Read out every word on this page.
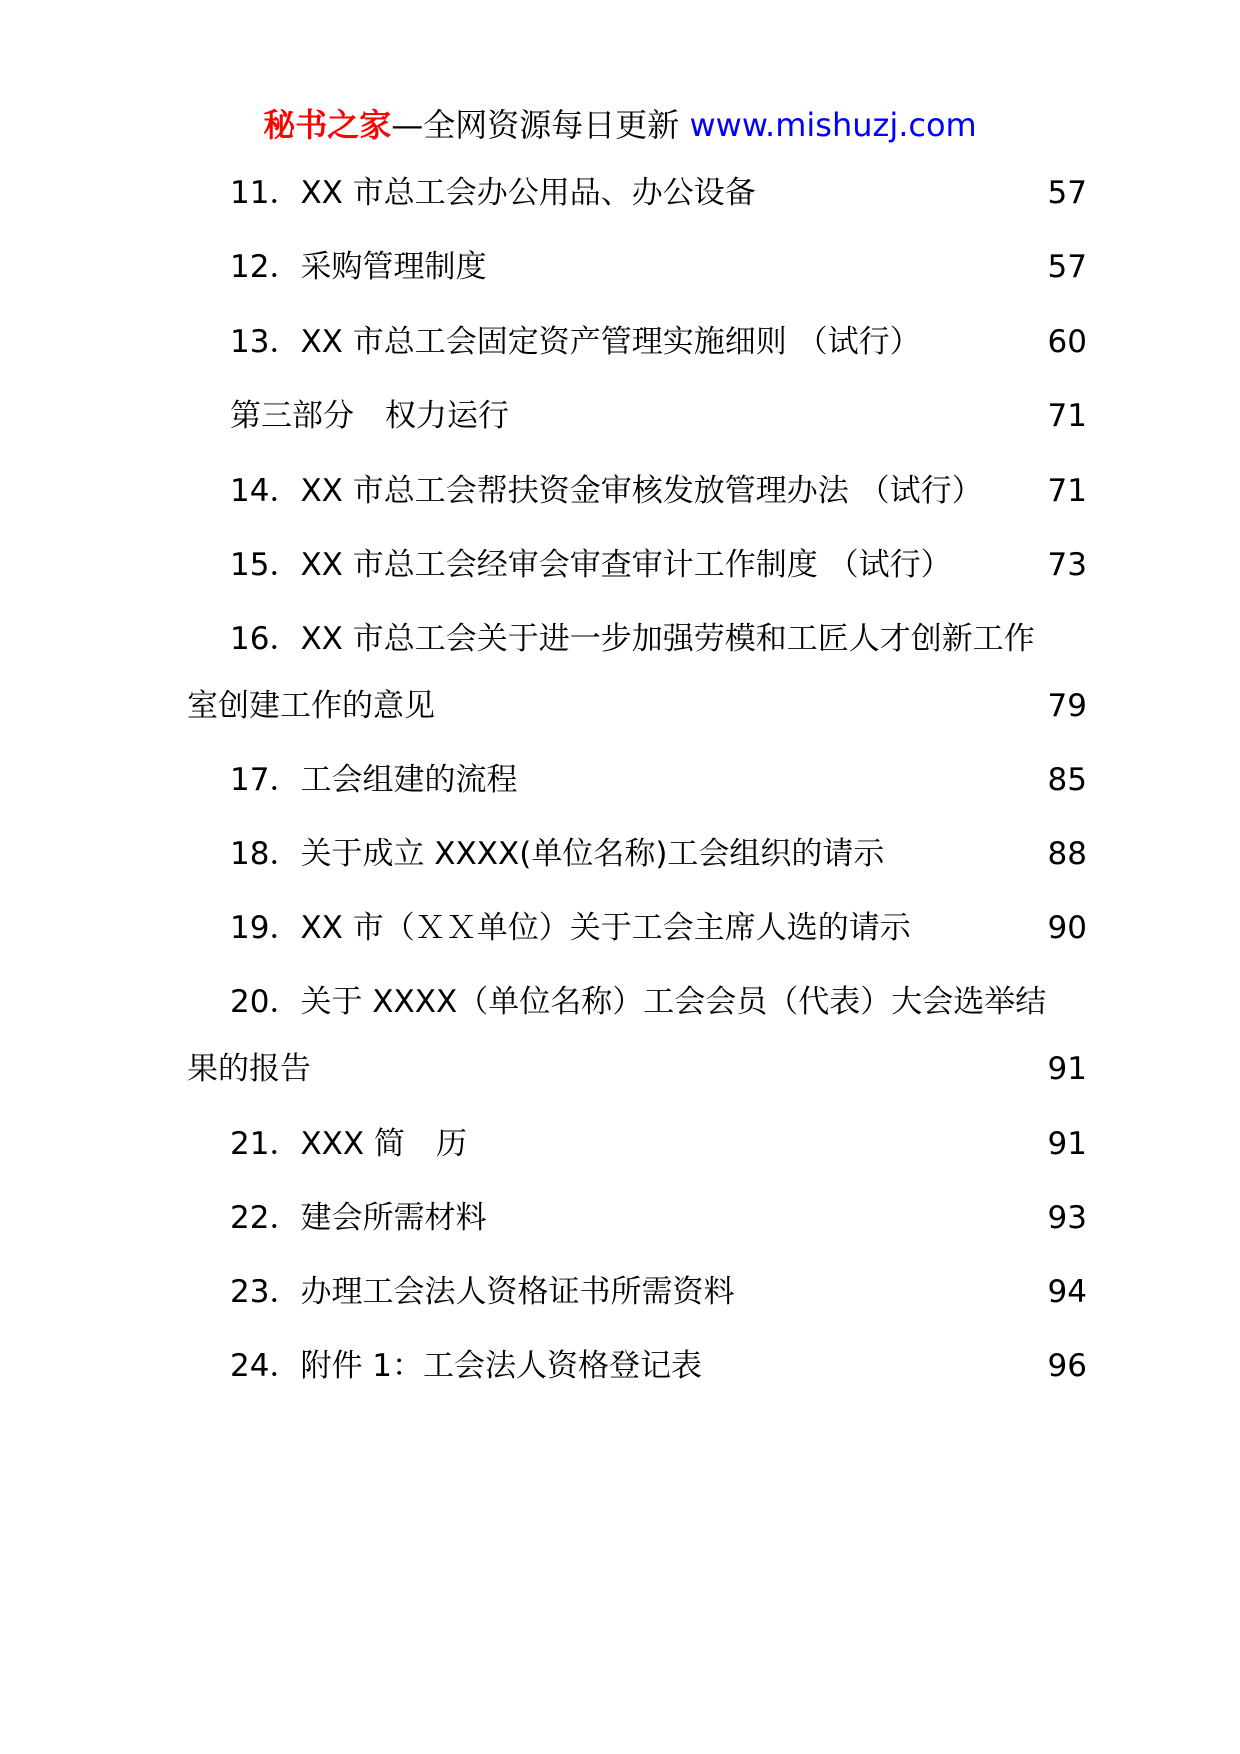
秘书之家—全网资源每日更新 www.mishuzj.com
11．XX 市总工会办公用品、办公设备	57
12．采购管理制度	57
13．XX 市总工会固定资产管理实施细则 （试行）	60
第三部分　权力运行	71
14．XX 市总工会帮扶资金审核发放管理办法 （试行） 71
15．XX 市总工会经审会审查审计工作制度 （试行）	73
16．XX 市总工会关于进一步加强劳模和工匠人才创新工作
室创建工作的意见	79
17．工会组建的流程	85
18．关于成立 XXXX(单位名称)工会组织的请示	88
19．XX 市（ＸＸ单位）关于工会主席人选的请示	90
20．关于 XXXX（单位名称）工会会员（代表）大会选举结
果的报告	91
21．XXX 简　历	91
22．建会所需材料	93
23．办理工会法人资格证书所需资料	94
24．附件 1：工会法人资格登记表	96
